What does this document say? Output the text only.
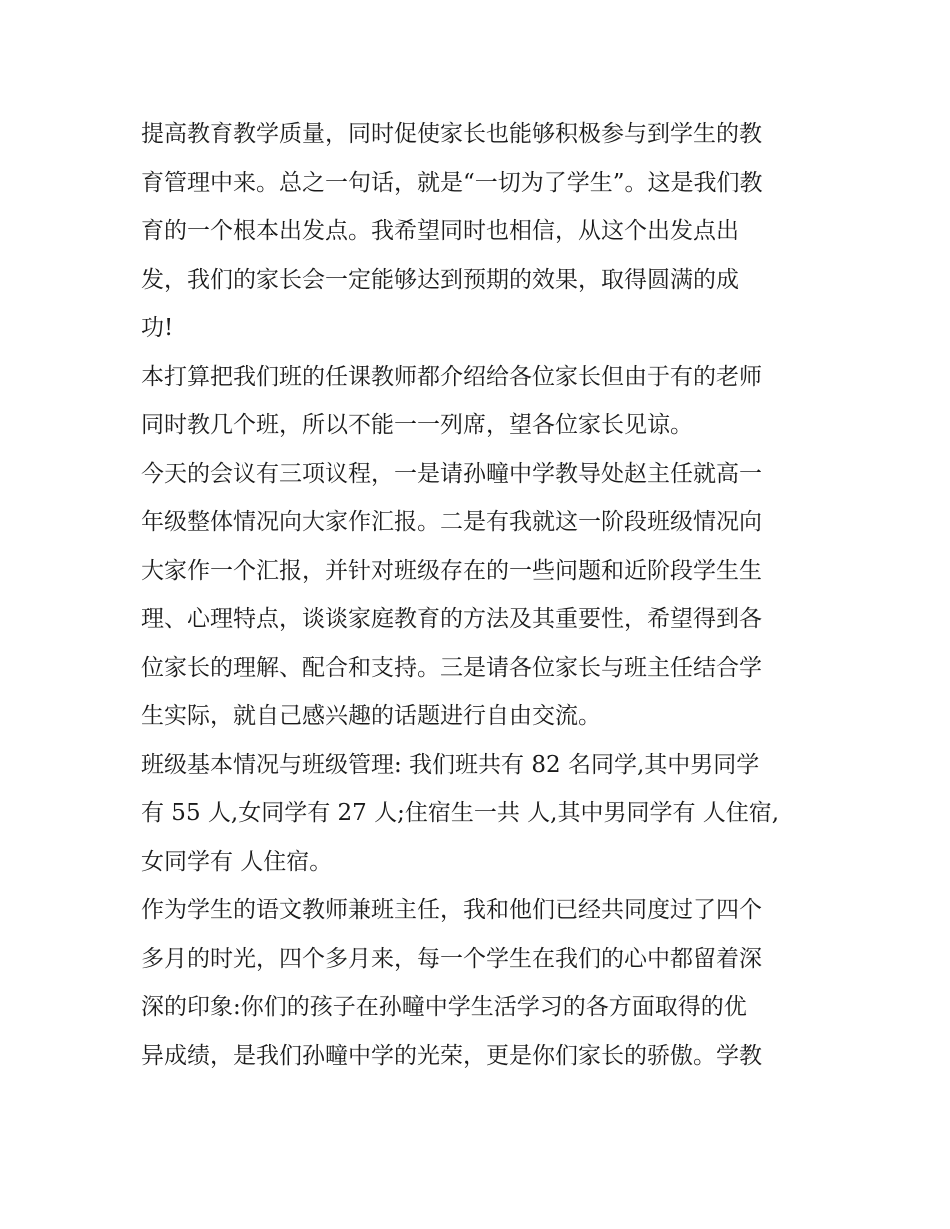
提高教育教学质量，同时促使家长也能够积极参与到学生的教
育管理中来。总之一句话，就是“一切为了学生”。这是我们教
育的一个根本出发点。我希望同时也相信，从这个出发点出
发，我们的家长会一定能够达到预期的效果，取得圆满的成
功!
本打算把我们班的任课教师都介绍给各位家长但由于有的老师
同时教几个班，所以不能一一列席，望各位家长见谅。
今天的会议有三项议程，一是请孙疃中学教导处赵主任就高一
年级整体情况向大家作汇报。二是有我就这一阶段班级情况向
大家作一个汇报，并针对班级存在的一些问题和近阶段学生生
理、心理特点，谈谈家庭教育的方法及其重要性，希望得到各
位家长的理解、配合和支持。三是请各位家长与班主任结合学
生实际，就自己感兴趣的话题进行自由交流。
班级基本情况与班级管理: 我们班共有 82 名同学,其中男同学
有 55 人,女同学有 27 人;住宿生一共 人,其中男同学有 人住宿,
女同学有 人住宿。
作为学生的语文教师兼班主任，我和他们已经共同度过了四个
多月的时光，四个多月来，每一个学生在我们的心中都留着深
深的印象:你们的孩子在孙疃中学生活学习的各方面取得的优
异成绩，是我们孙疃中学的光荣，更是你们家长的骄傲。学教
